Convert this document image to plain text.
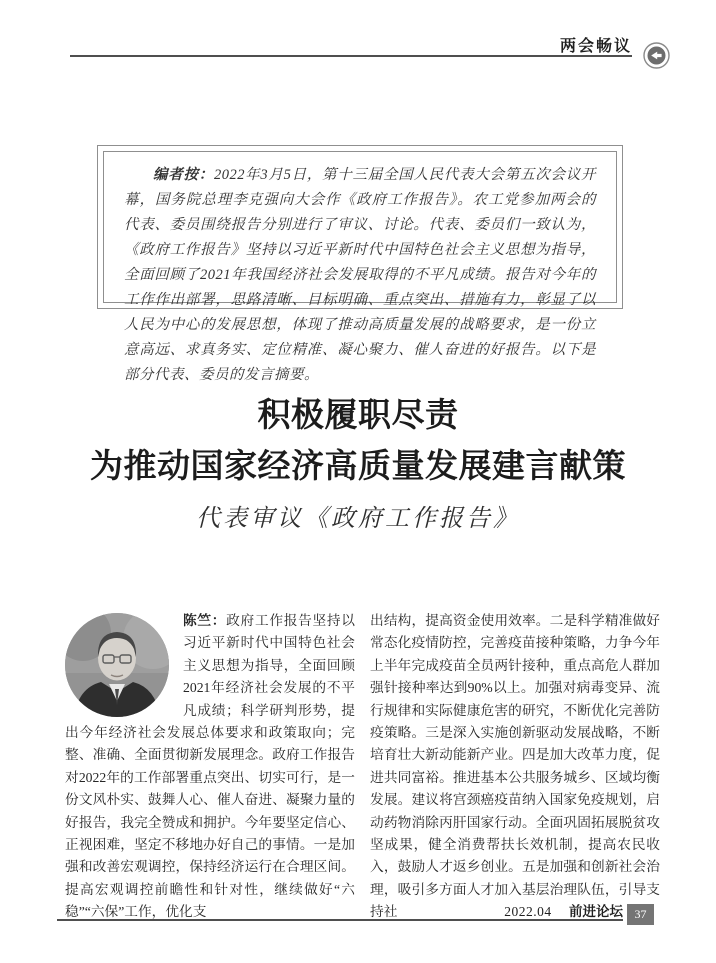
两会畅议

编者按：2022年3月5日，第十三届全国人民代表大会第五次会议开幕，国务院总理李克强向大会作《政府工作报告》。农工党参加两会的代表、委员围绕报告分别进行了审议、讨论。代表、委员们一致认为，《政府工作报告》坚持以习近平新时代中国特色社会主义思想为指导，全面回顾了2021年我国经济社会发展取得的不平凡成绩。报告对今年的工作作出部署，思路清晰、目标明确、重点突出、措施有力，彰显了以人民为中心的发展思想，体现了推动高质量发展的战略要求，是一份立意高远、求真务实、定位精准、凝心聚力、催人奋进的好报告。以下是部分代表、委员的发言摘要。

积极履职尽责
为推动国家经济高质量发展建言献策
代表审议《政府工作报告》
陈竺：政府工作报告坚持以习近平新时代中国特色社会主义思想为指导，全面回顾2021年经济社会发展的不平凡成绩；科学研判形势，提出今年经济社会发展总体要求和政策取向；完整、准确、全面贯彻新发展理念。政府工作报告对2022年的工作部署重点突出、切实可行，是一份文风朴实、鼓舞人心、催人奋进、凝聚力量的好报告，我完全赞成和拥护。今年要坚定信心、正视困难，坚定不移地办好自己的事情。一是加强和改善宏观调控，保持经济运行在合理区间。提高宏观调控前瞻性和针对性，继续做好“六稳”“六保”工作，优化支
出结构，提高资金使用效率。二是科学精准做好常态化疫情防控，完善疫苗接种策略，力争今年上半年完成疫苗全员两针接种，重点高危人群加强针接种率达到90%以上。加强对病毒变异、流行规律和实际健康危害的研究，不断优化完善防疫策略。三是深入实施创新驱动发展战略，不断培育壮大新动能新产业。四是加大改革力度，促进共同富裕。推进基本公共服务城乡、区域均衡发展。建议将宫颈癌疫苗纳入国家免疫规划，启动药物消除丙肝国家行动。全面巩固拓展脱贫攻坚成果，健全消费帮扶长效机制，提高农民收入，鼓励人才返乡创业。五是加强和创新社会治理，吸引多方面人才加入基层治理队伍，引导支持社	2022.04 前进论坛 37
